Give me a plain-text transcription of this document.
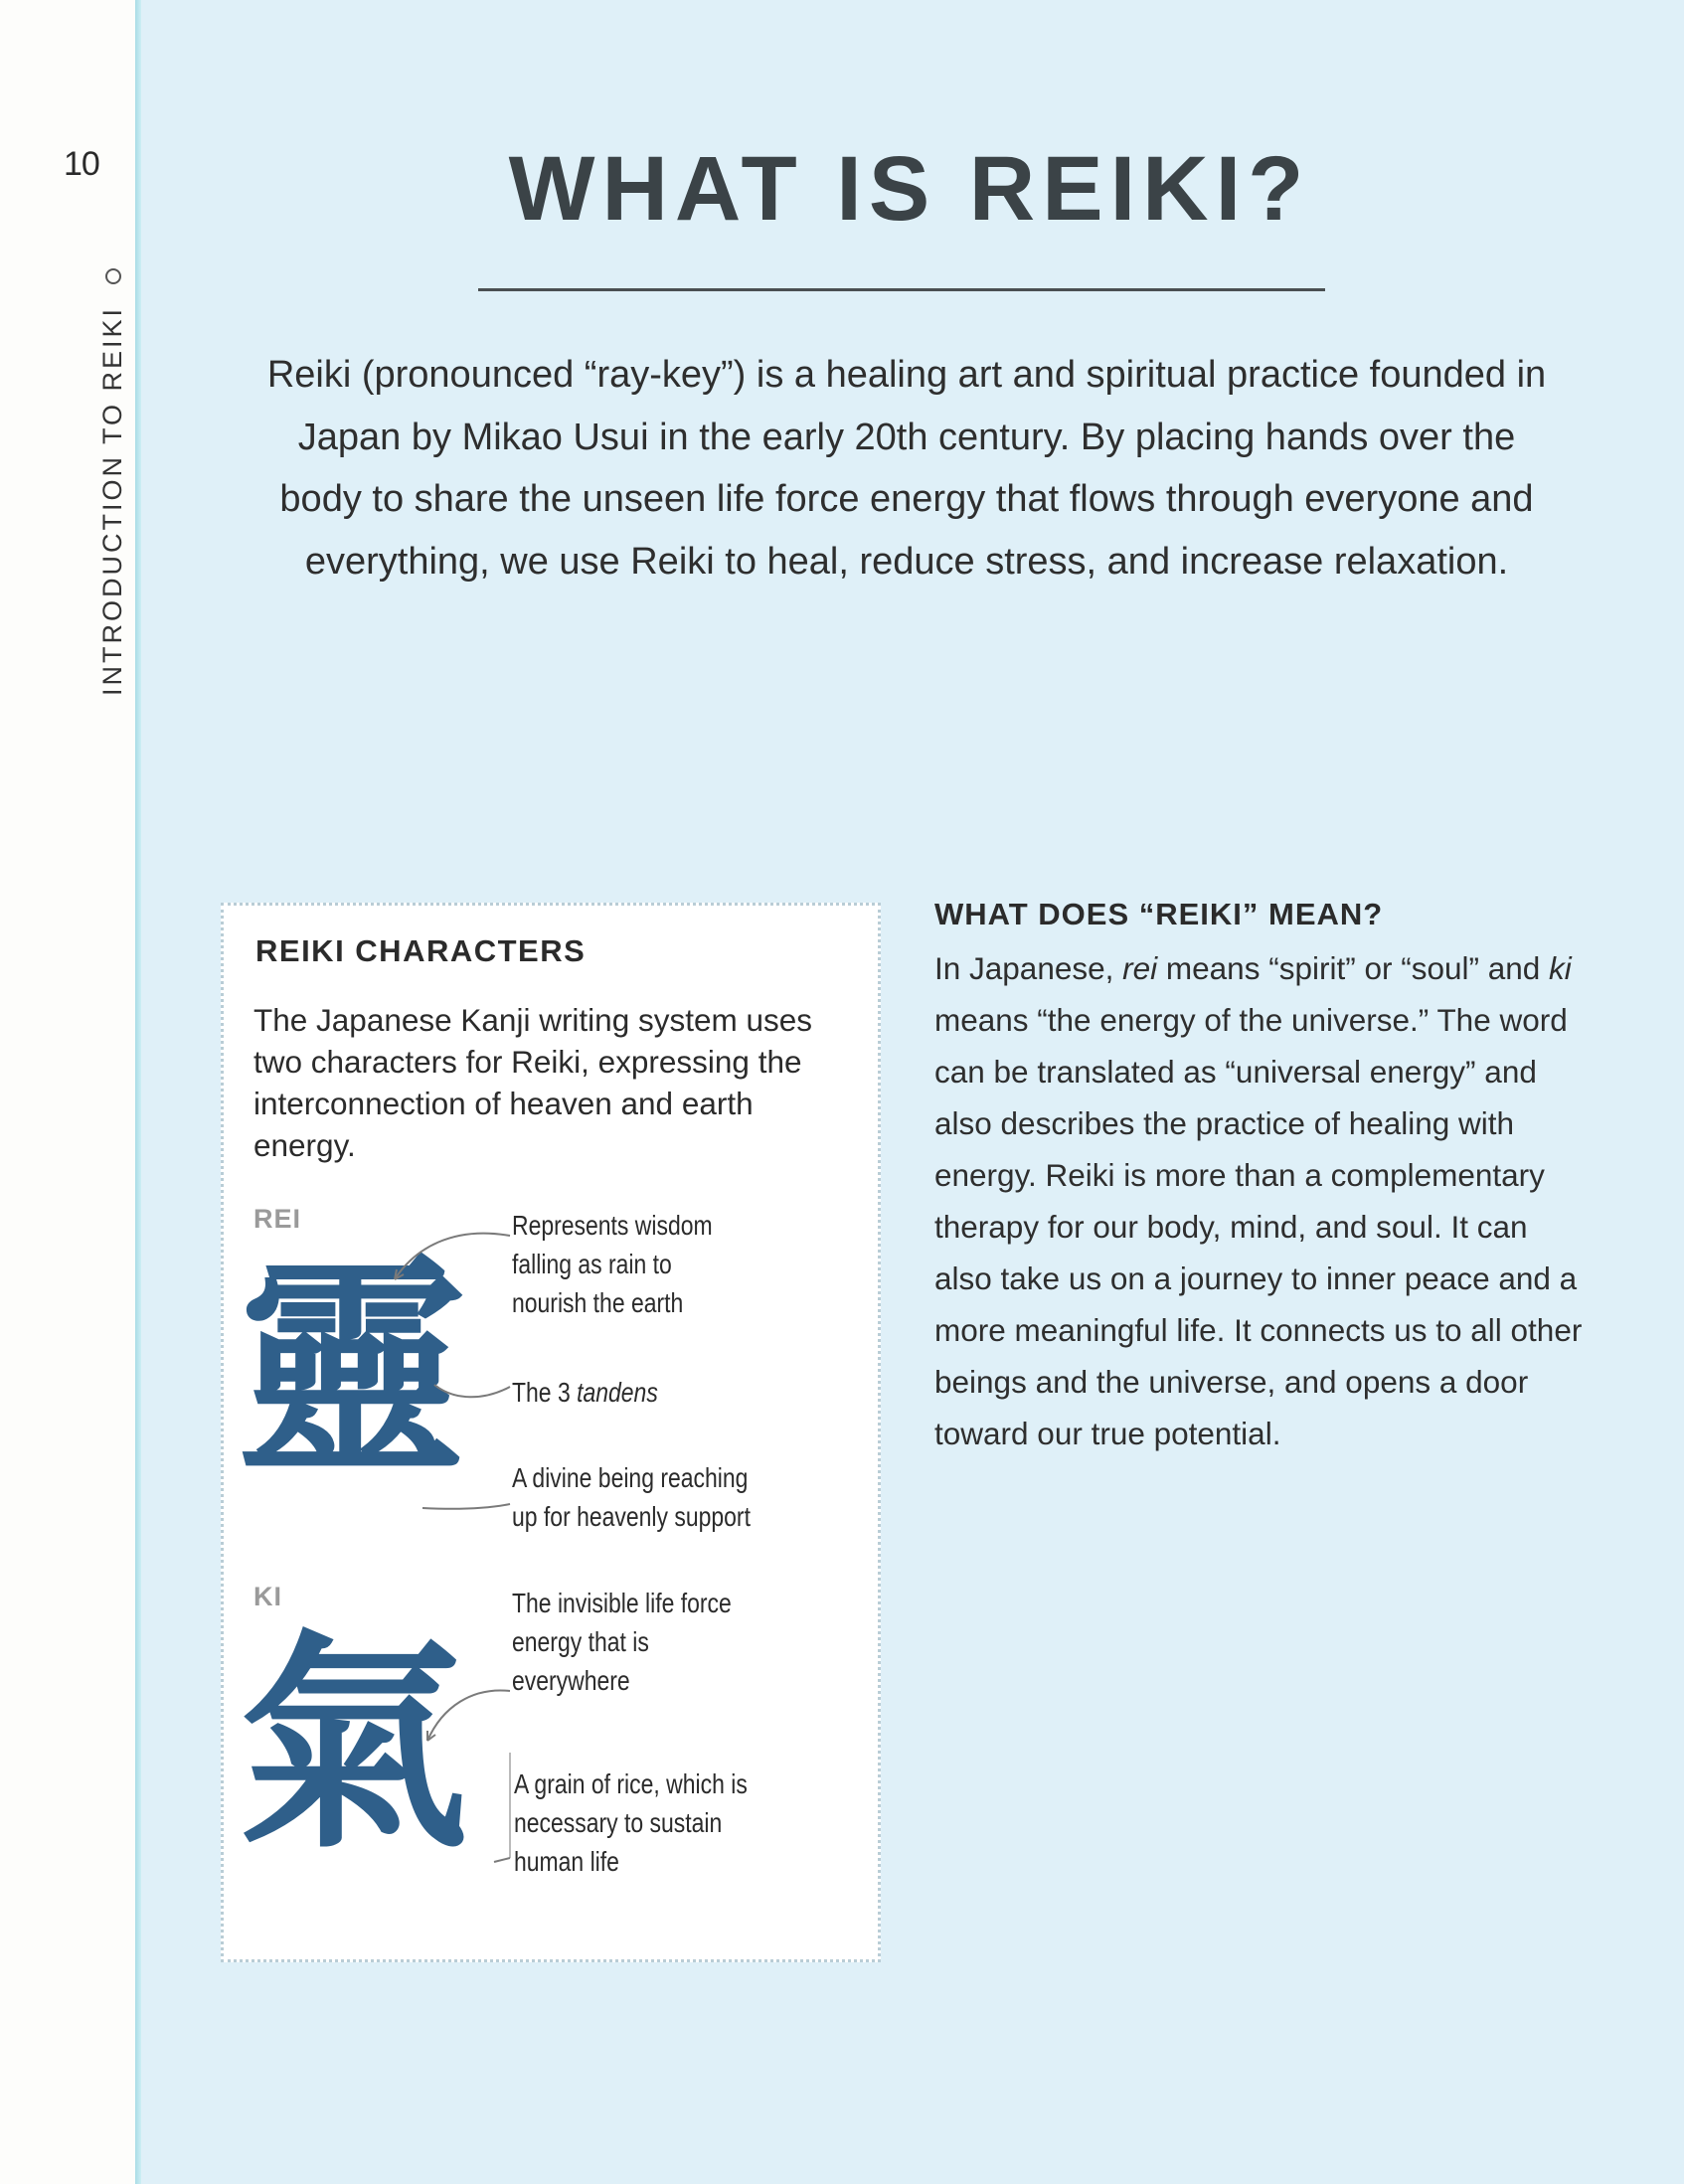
10
INTRODUCTION TO REIKI
WHAT IS REIKI?

Reiki (pronounced “ray-key”) is a healing art and spiritual practice founded in Japan by Mikao Usui in the early 20th century. By placing hands over the body to share the unseen life force energy that flows through everyone and everything, we use Reiki to heal, reduce stress, and increase relaxation.

REIKI CHARACTERS

The Japanese Kanji writing system uses two characters for Reiki, expressing the interconnection of heaven and earth energy.

REI
靈
Represents wisdom
falling as rain to
nourish the earth
The 3 tandens
A divine being reaching
up for heavenly support
KI
氣
The invisible life force
energy that is
everywhere
A grain of rice, which is
necessary to sustain
human life
WHAT DOES “REIKI” MEAN?

In Japanese, rei means “spirit” or “soul” and ki means “the energy of the universe.” The word can be translated as “universal energy” and also describes the practice of healing with energy. Reiki is more than a complementary therapy for our body, mind, and soul. It can also take us on a journey to inner peace and a more meaningful life. It connects us to all other beings and the universe, and opens a door toward our true potential.
